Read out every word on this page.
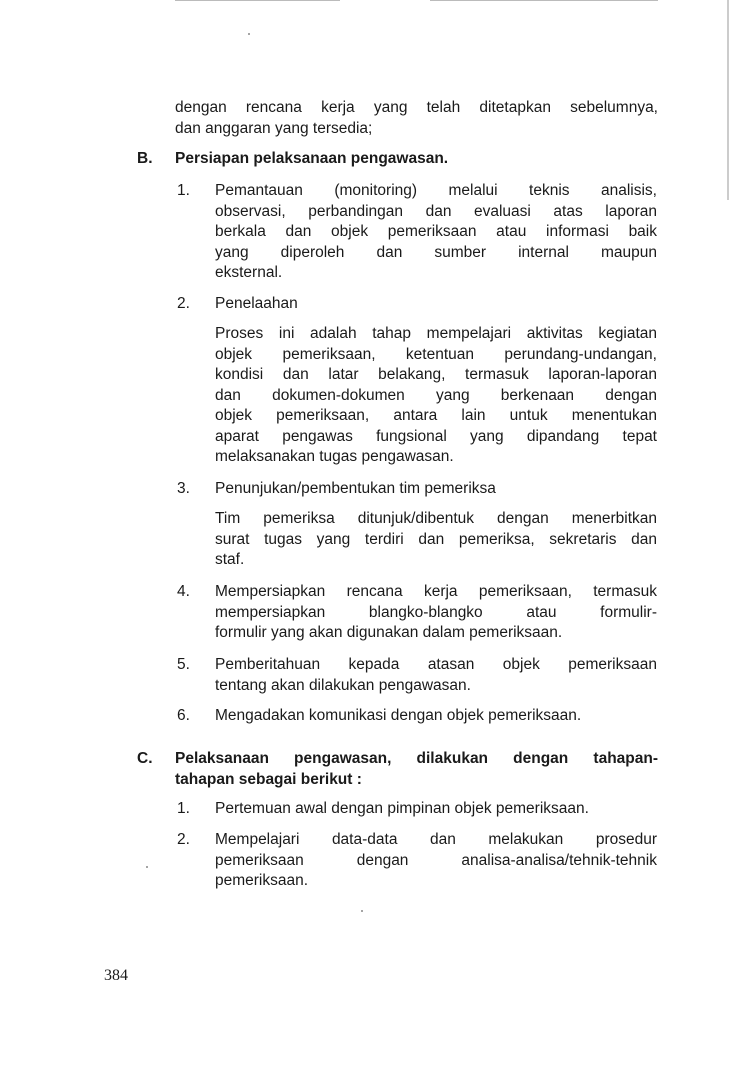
dengan rencana kerja yang telah ditetapkan sebelumnya,
dan anggaran yang tersedia;
B. Persiapan pelaksanaan pengawasan.
1. Pemantauan (monitoring) melalui teknis analisis,
observasi, perbandingan dan evaluasi atas laporan
berkala dan objek pemeriksaan atau informasi baik
yang diperoleh dan sumber internal maupun
eksternal.
2. Penelaahan
Proses ini adalah tahap mempelajari aktivitas kegiatan
objek pemeriksaan, ketentuan perundang-undangan,
kondisi dan latar belakang, termasuk laporan-laporan
dan dokumen-dokumen yang berkenaan dengan
objek pemeriksaan, antara lain untuk menentukan
aparat pengawas fungsional yang dipandang tepat
melaksanakan tugas pengawasan.
3. Penunjukan/pembentukan tim pemeriksa
Tim pemeriksa ditunjuk/dibentuk dengan menerbitkan
surat tugas yang terdiri dan pemeriksa, sekretaris dan
staf.
4. Mempersiapkan rencana kerja pemeriksaan, termasuk
mempersiapkan blangko-blangko atau formulir-
formulir yang akan digunakan dalam pemeriksaan.
5. Pemberitahuan kepada atasan objek pemeriksaan
tentang akan dilakukan pengawasan.
6. Mengadakan komunikasi dengan objek pemeriksaan.
C. Pelaksanaan pengawasan, dilakukan dengan tahapan-
tahapan sebagai berikut :
1. Pertemuan awal dengan pimpinan objek pemeriksaan.
2. Mempelajari data-data dan melakukan prosedur
pemeriksaan dengan analisa-analisa/tehnik-tehnik
pemeriksaan.
384
